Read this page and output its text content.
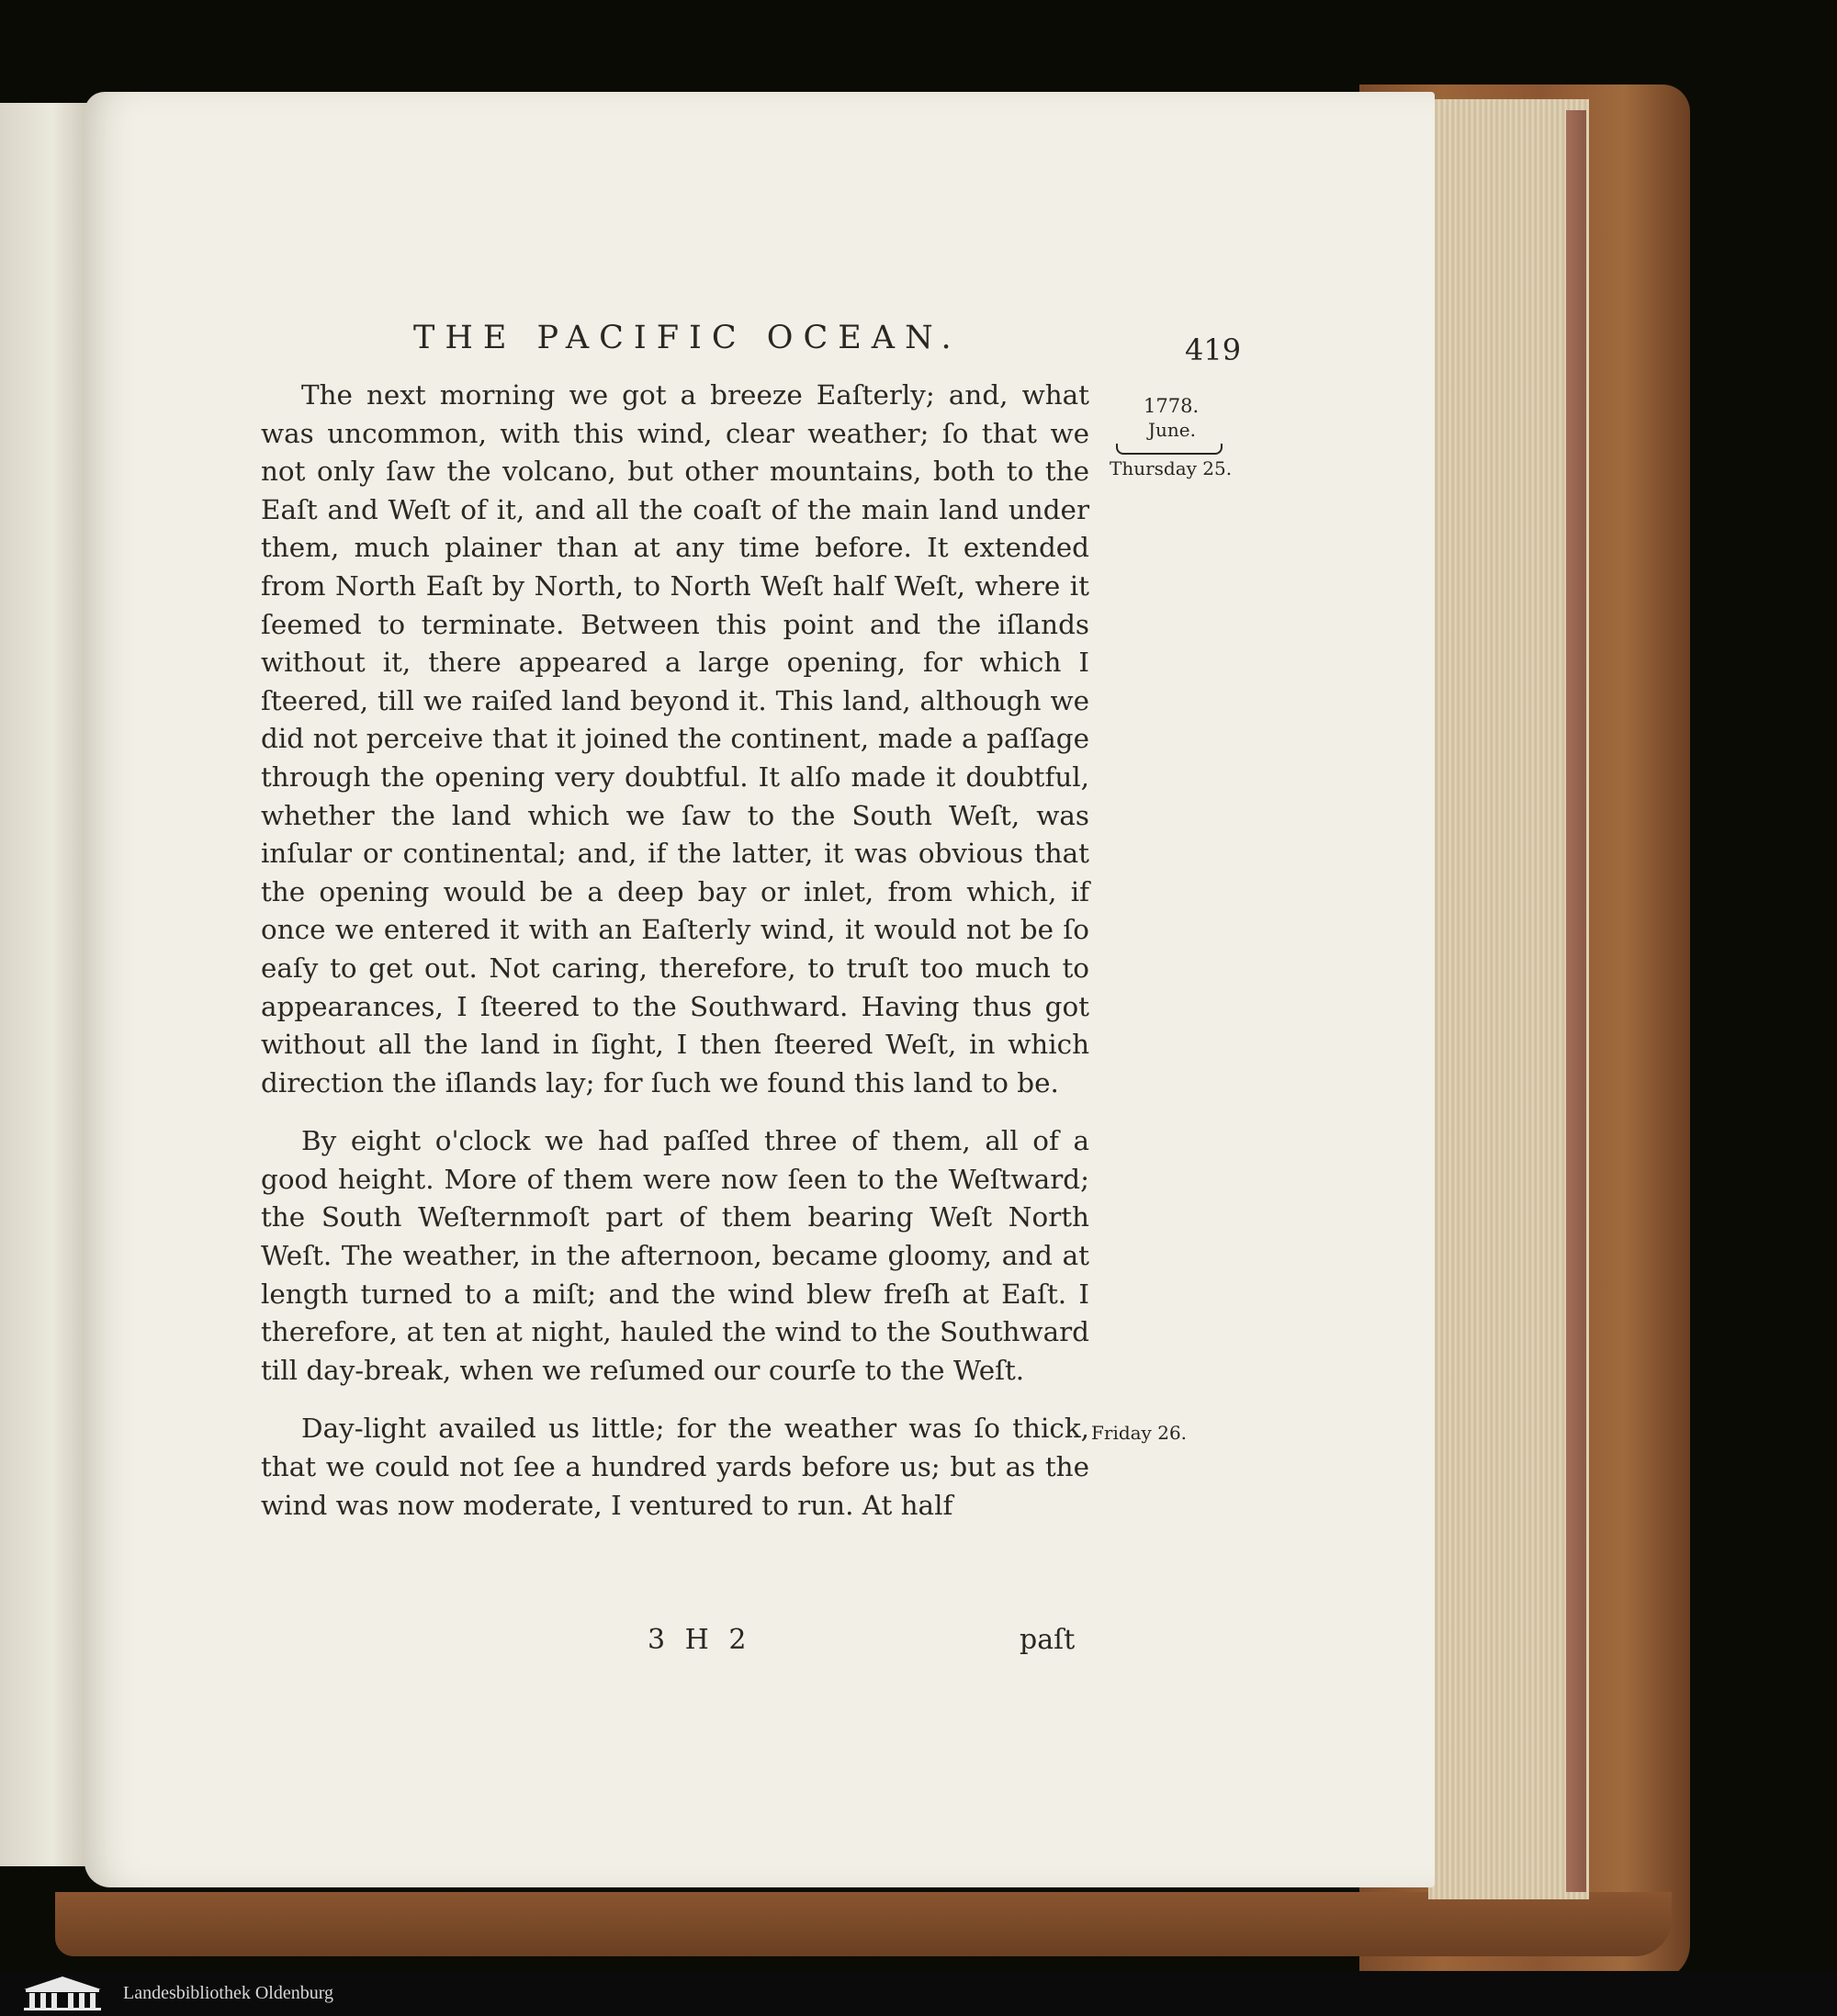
THE PACIFIC OCEAN.	419
1778.
June.
Thursday 25.
Friday 26.

The next morning we got a breeze Eaſterly; and, what was uncommon, with this wind, clear weather; ſo that we not only ſaw the volcano, but other mountains, both to the Eaſt and Weſt of it, and all the coaſt of the main land under them, much plainer than at any time before. It extended from North Eaſt by North, to North Weſt half Weſt, where it ſeemed to terminate. Between this point and the iſlands without it, there appeared a large opening, for which I ſteered, till we raiſed land beyond it. This land, although we did not perceive that it joined the continent, made a paſſage through the opening very doubtful. It alſo made it doubtful, whether the land which we ſaw to the South Weſt, was inſular or continental; and, if the latter, it was obvious that the opening would be a deep bay or inlet, from which, if once we entered it with an Eaſterly wind, it would not be ſo eaſy to get out. Not caring, therefore, to truſt too much to appearances, I ſteered to the Southward. Having thus got without all the land in ſight, I then ſteered Weſt, in which direction the iſlands lay; for ſuch we found this land to be.

By eight o'clock we had paſſed three of them, all of a good height. More of them were now ſeen to the Weſtward; the South Weſternmoſt part of them bearing Weſt North Weſt. The weather, in the afternoon, became gloomy, and at length turned to a miſt; and the wind blew freſh at Eaſt. I therefore, at ten at night, hauled the wind to the Southward till day-break, when we reſumed our courſe to the Weſt.

Day-light availed us little; for the weather was ſo thick, that we could not ſee a hundred yards before us; but as the wind was now moderate, I ventured to run. At half

3 H 2	paſt
Landesbibliothek Oldenburg
